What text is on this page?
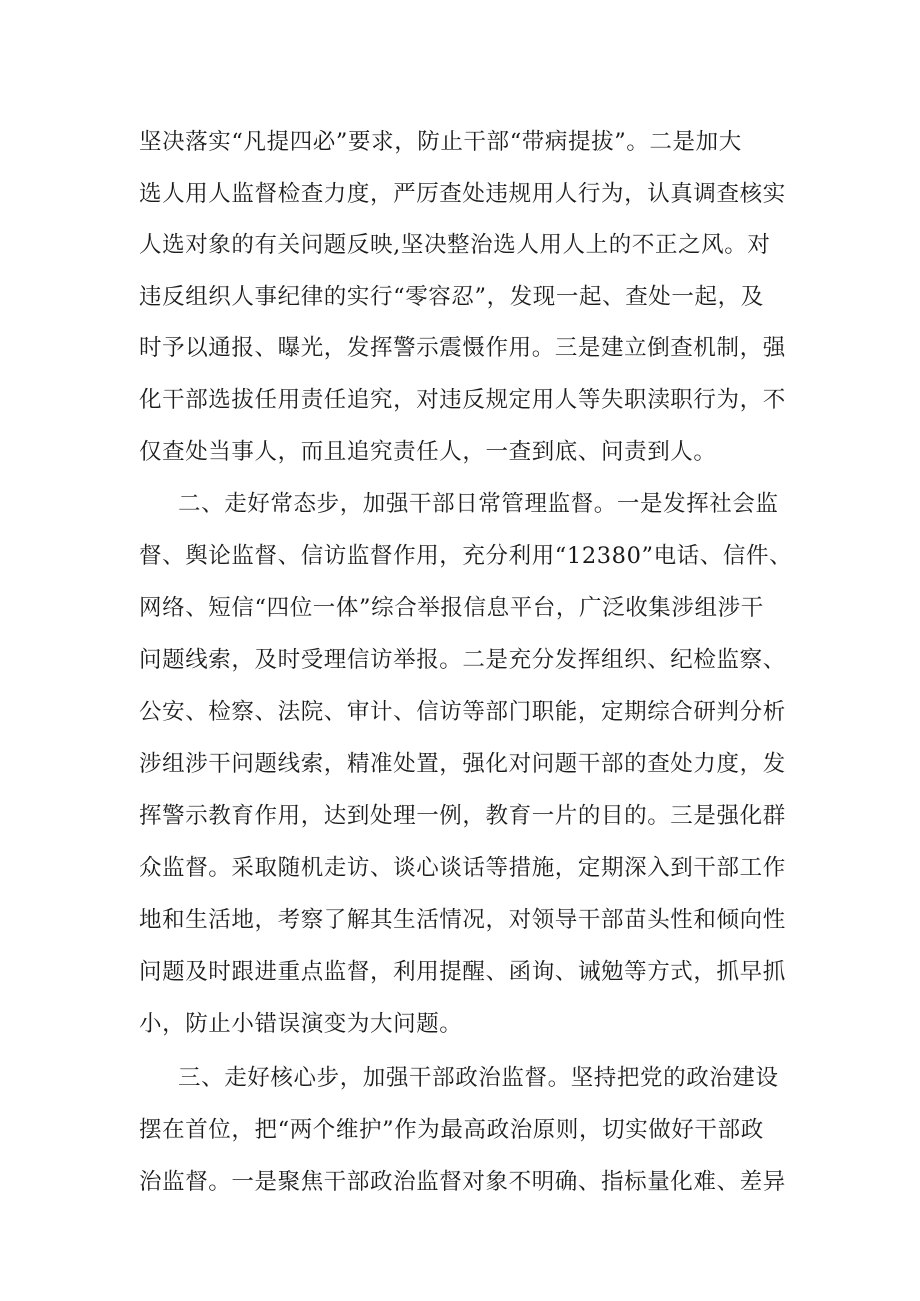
坚决落实“凡提四必”要求，防止干部“带病提拔”。二是加大
选人用人监督检查力度，严厉查处违规用人行为，认真调查核实
人选对象的有关问题反映,坚决整治选人用人上的不正之风。对
违反组织人事纪律的实行“零容忍”，发现一起、查处一起，及
时予以通报、曝光，发挥警示震慑作用。三是建立倒查机制，强
化干部选拔任用责任追究，对违反规定用人等失职渎职行为，不
仅查处当事人，而且追究责任人，一查到底、问责到人。
二、走好常态步，加强干部日常管理监督。一是发挥社会监
督、舆论监督、信访监督作用，充分利用“12380”电话、信件、
网络、短信“四位一体”综合举报信息平台，广泛收集涉组涉干
问题线索，及时受理信访举报。二是充分发挥组织、纪检监察、
公安、检察、法院、审计、信访等部门职能，定期综合研判分析
涉组涉干问题线索，精准处置，强化对问题干部的查处力度，发
挥警示教育作用，达到处理一例，教育一片的目的。三是强化群
众监督。采取随机走访、谈心谈话等措施，定期深入到干部工作
地和生活地，考察了解其生活情况，对领导干部苗头性和倾向性
问题及时跟进重点监督，利用提醒、函询、诫勉等方式，抓早抓
小，防止小错误演变为大问题。
三、走好核心步，加强干部政治监督。坚持把党的政治建设
摆在首位，把“两个维护”作为最高政治原则，切实做好干部政
治监督。一是聚焦干部政治监督对象不明确、指标量化难、差异
